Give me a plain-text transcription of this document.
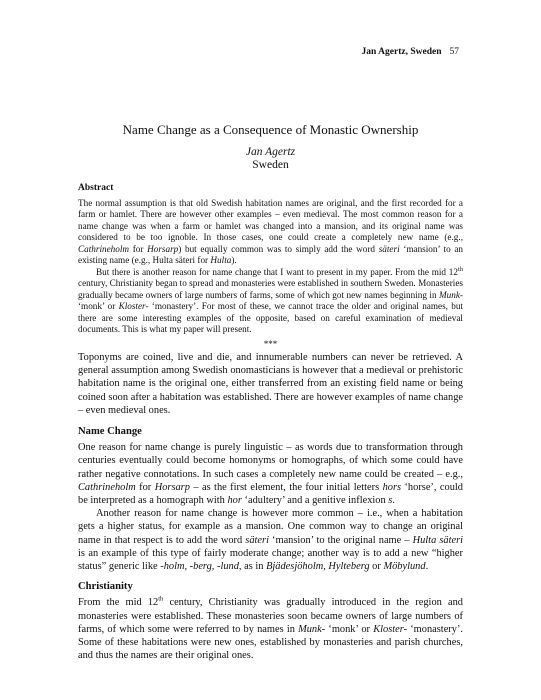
Jan Agertz, Sweden 57
Name Change as a Consequence of Monastic Ownership
Jan Agertz
Sweden
Abstract

The normal assumption is that old Swedish habitation names are original, and the first recorded for a farm or hamlet. There are however other examples – even medieval. The most common reason for a name change was when a farm or hamlet was changed into a mansion, and its original name was considered to be too ignoble. In those cases, one could create a completely new name (e.g., Cathrineholm for Horsarp) but equally common was to simply add the word säteri ‘mansion’ to an existing name (e.g., Hulta säteri for Hulta).

But there is another reason for name change that I want to present in my paper. From the mid 12th century, Christianity began to spread and monasteries were established in southern Sweden. Monasteries gradually became owners of large numbers of farms, some of which got new names beginning in Munk- ‘monk’ or Kloster- ‘monastery’. For most of these, we cannot trace the older and original names, but there are some interesting examples of the opposite, based on careful examination of medieval documents. This is what my paper will present.

***

Toponyms are coined, live and die, and innumerable numbers can never be retrieved. A general assumption among Swedish onomasticians is however that a medieval or prehistoric habitation name is the original one, either transferred from an existing field name or being coined soon after a habitation was established. There are however examples of name change – even medieval ones.

Name Change

One reason for name change is purely linguistic – as words due to transformation through centuries eventually could become homonyms or homographs, of which some could have rather negative connotations. In such cases a completely new name could be created – e.g., Cathrineholm for Horsarp – as the first element, the four initial letters hors ‘horse’, could be interpreted as a homograph with hor ‘adultery’ and a genitive inflexion s.

Another reason for name change is however more common – i.e., when a habitation gets a higher status, for example as a mansion. One common way to change an original name in that respect is to add the word säteri ‘mansion’ to the original name – Hulta säteri is an example of this type of fairly moderate change; another way is to add a new “higher status” generic like -holm, -berg, -lund, as in Bjädesjöholm, Hylteberg or Möbylund.

Christianity

From the mid 12th century, Christianity was gradually introduced in the region and monasteries were established. These monasteries soon became owners of large numbers of farms, of which some were referred to by names in Munk- ‘monk’ or Kloster- ‘monastery’. Some of these habitations were new ones, established by monasteries and parish churches, and thus the names are their original ones.
